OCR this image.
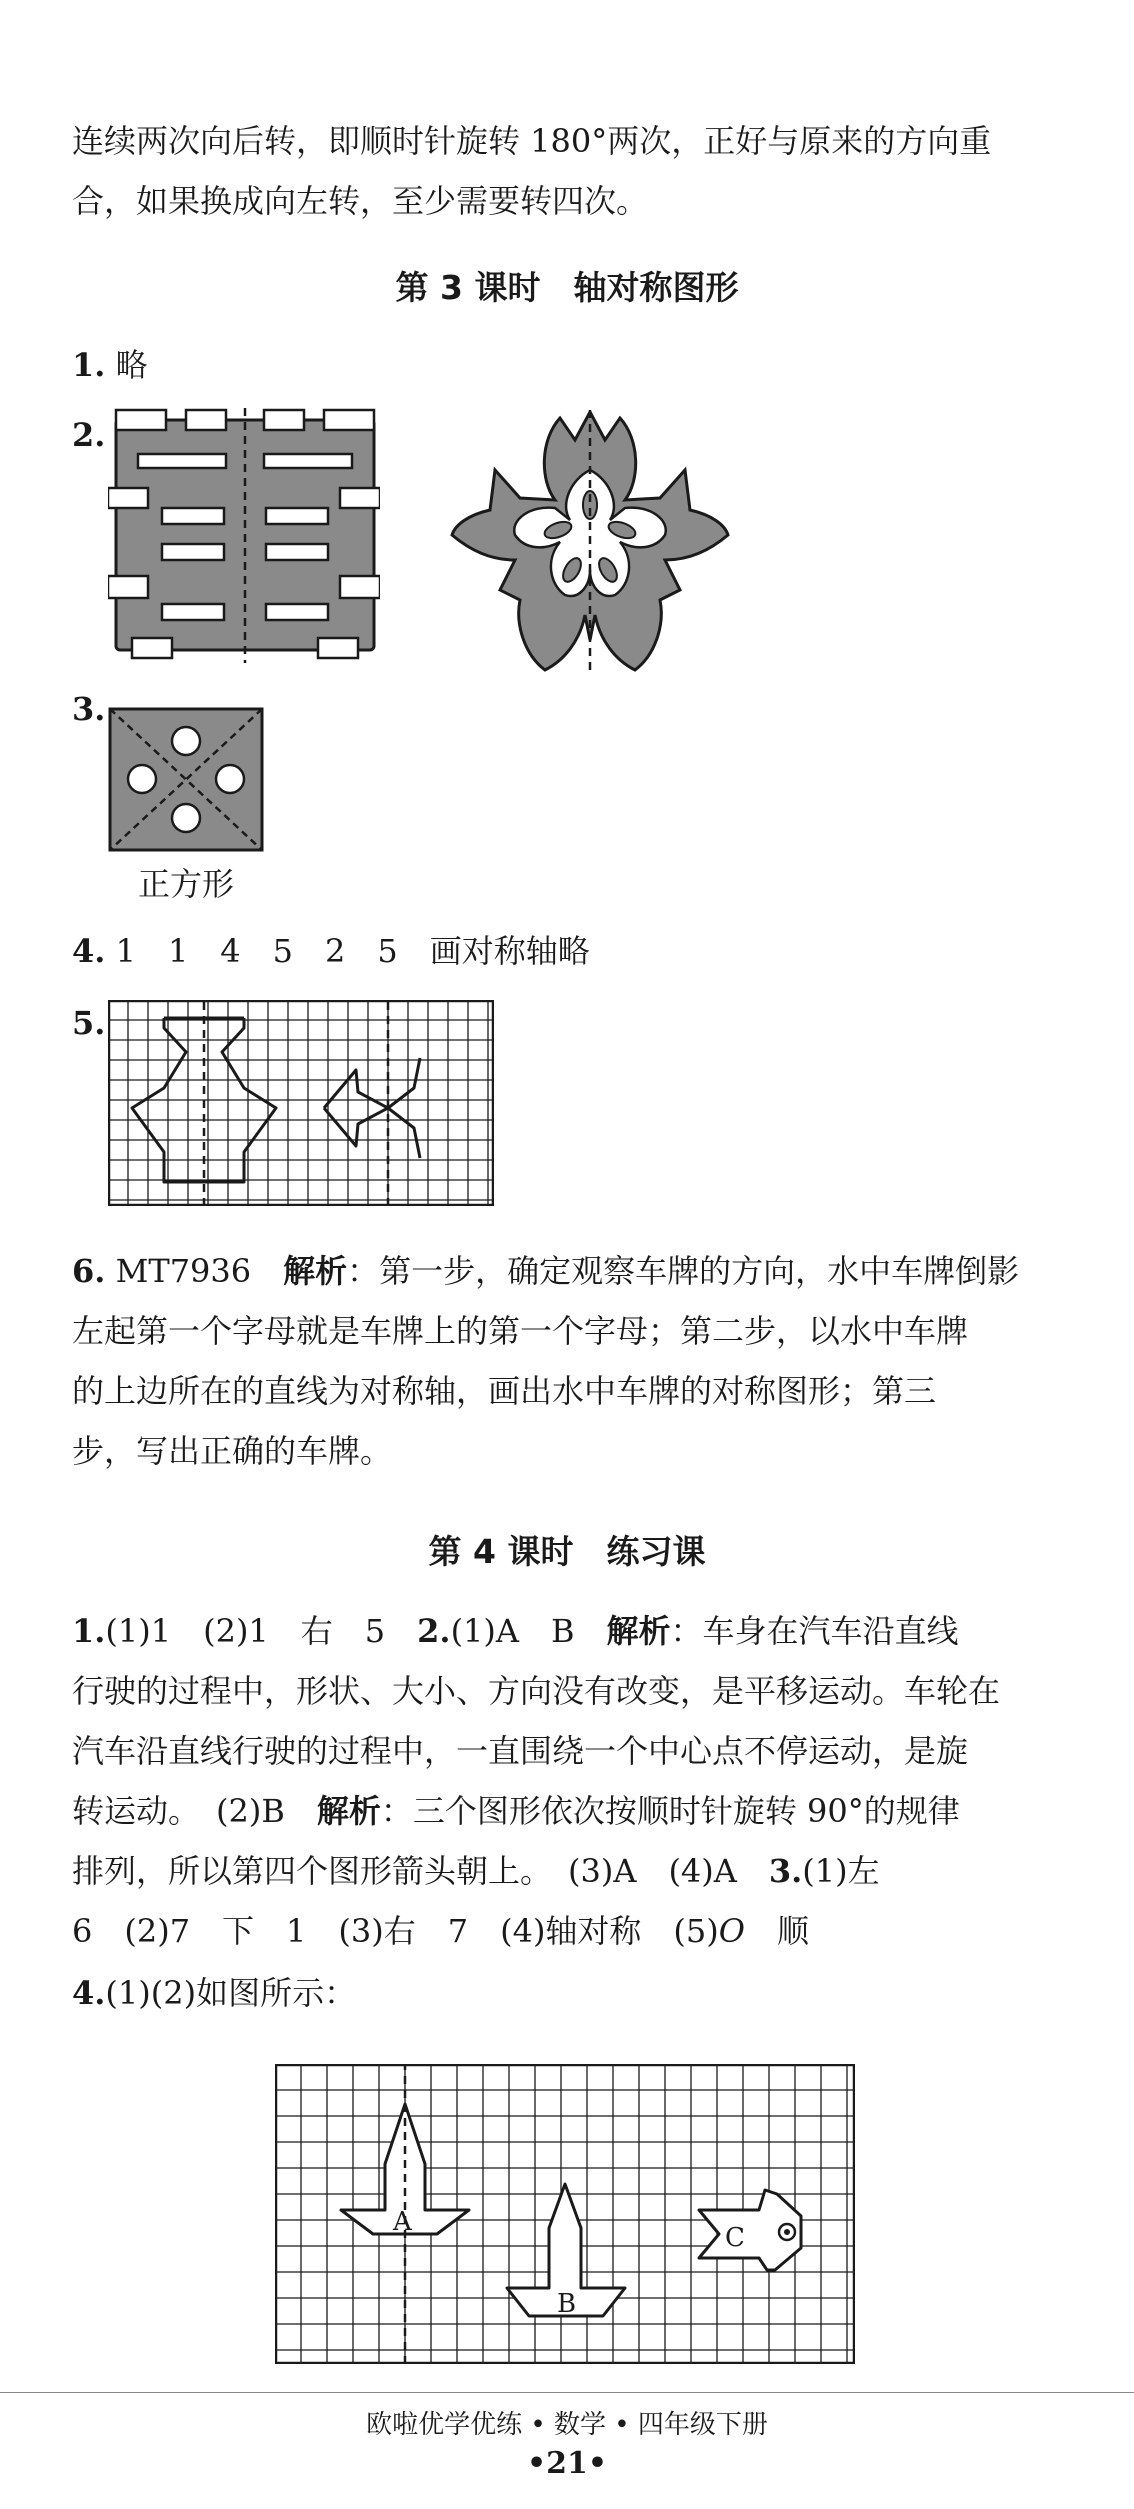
连续两次向后转，即顺时针旋转 180°两次，正好与原来的方向重
合，如果换成向左转，至少需要转四次。
第 3 课时　轴对称图形
1. 略
2.
3.
正方形
4. 1　1　4　5　2　5　画对称轴略
5.
6. MT7936　 解析：第一步，确定观察车牌的方向，水中车牌倒影
左起第一个字母就是车牌上的第一个字母；第二步，以水中车牌
的上边所在的直线为对称轴，画出水中车牌的对称图形；第三
步，写出正确的车牌。
第 4 课时　练习课
1.(1)1　(2)1　右　5　2.(1)A　B　解析：车身在汽车沿直线
行驶的过程中，形状、大小、方向没有改变，是平移运动。车轮在
汽车沿直线行驶的过程中，一直围绕一个中心点不停运动，是旋
转运动。　(2)B　解析：三个图形依次按顺时针旋转 90°的规律
排列，所以第四个图形箭头朝上。　(3)A　(4)A　3.(1)左
6　(2)7　下　1　(3)右　7　(4)轴对称　(5)O　顺
4.(1)(2)如图所示：
A
B
C
欧啦优学优练 • 数学 • 四年级下册
•21•
